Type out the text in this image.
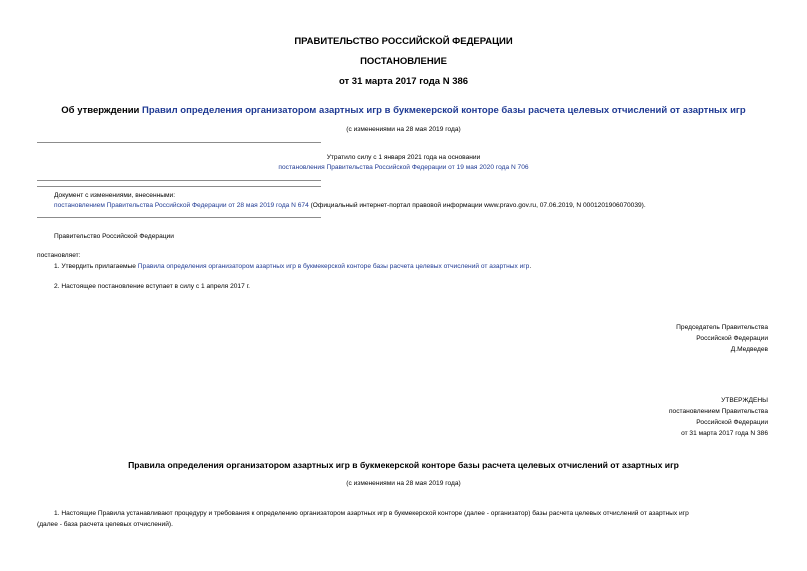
ПРАВИТЕЛЬСТВО РОССИЙСКОЙ ФЕДЕРАЦИИ
ПОСТАНОВЛЕНИЕ
от 31 марта 2017 года N 386
Об утверждении Правил определения организатором азартных игр в букмекерской конторе базы расчета целевых отчислений от азартных игр
(с изменениями на 28 мая 2019 года)
Утратило силу с 1 января 2021 года на основании
постановления Правительства Российской Федерации от 19 мая 2020 года N 706
Документ с изменениями, внесенными:
постановлением Правительства Российской Федерации от 28 мая 2019 года N 674 (Официальный интернет-портал правовой информации www.pravo.gov.ru, 07.06.2019, N 0001201906070039).
Правительство Российской Федерации
постановляет:
1. Утвердить прилагаемые Правила определения организатором азартных игр в букмекерской конторе базы расчета целевых отчислений от азартных игр.
2. Настоящее постановление вступает в силу с 1 апреля 2017 г.
Председатель Правительства
Российской Федерации
Д.Медведев
УТВЕРЖДЕНЫ
постановлением Правительства
Российской Федерации
от 31 марта 2017 года N 386
Правила определения организатором азартных игр в букмекерской конторе базы расчета целевых отчислений от азартных игр
(с изменениями на 28 мая 2019 года)
1. Настоящие Правила устанавливают процедуру и требования к определению организатором азартных игр в букмекерской конторе (далее - организатор) базы расчета целевых отчислений от азартных игр
(далее - база расчета целевых отчислений).
